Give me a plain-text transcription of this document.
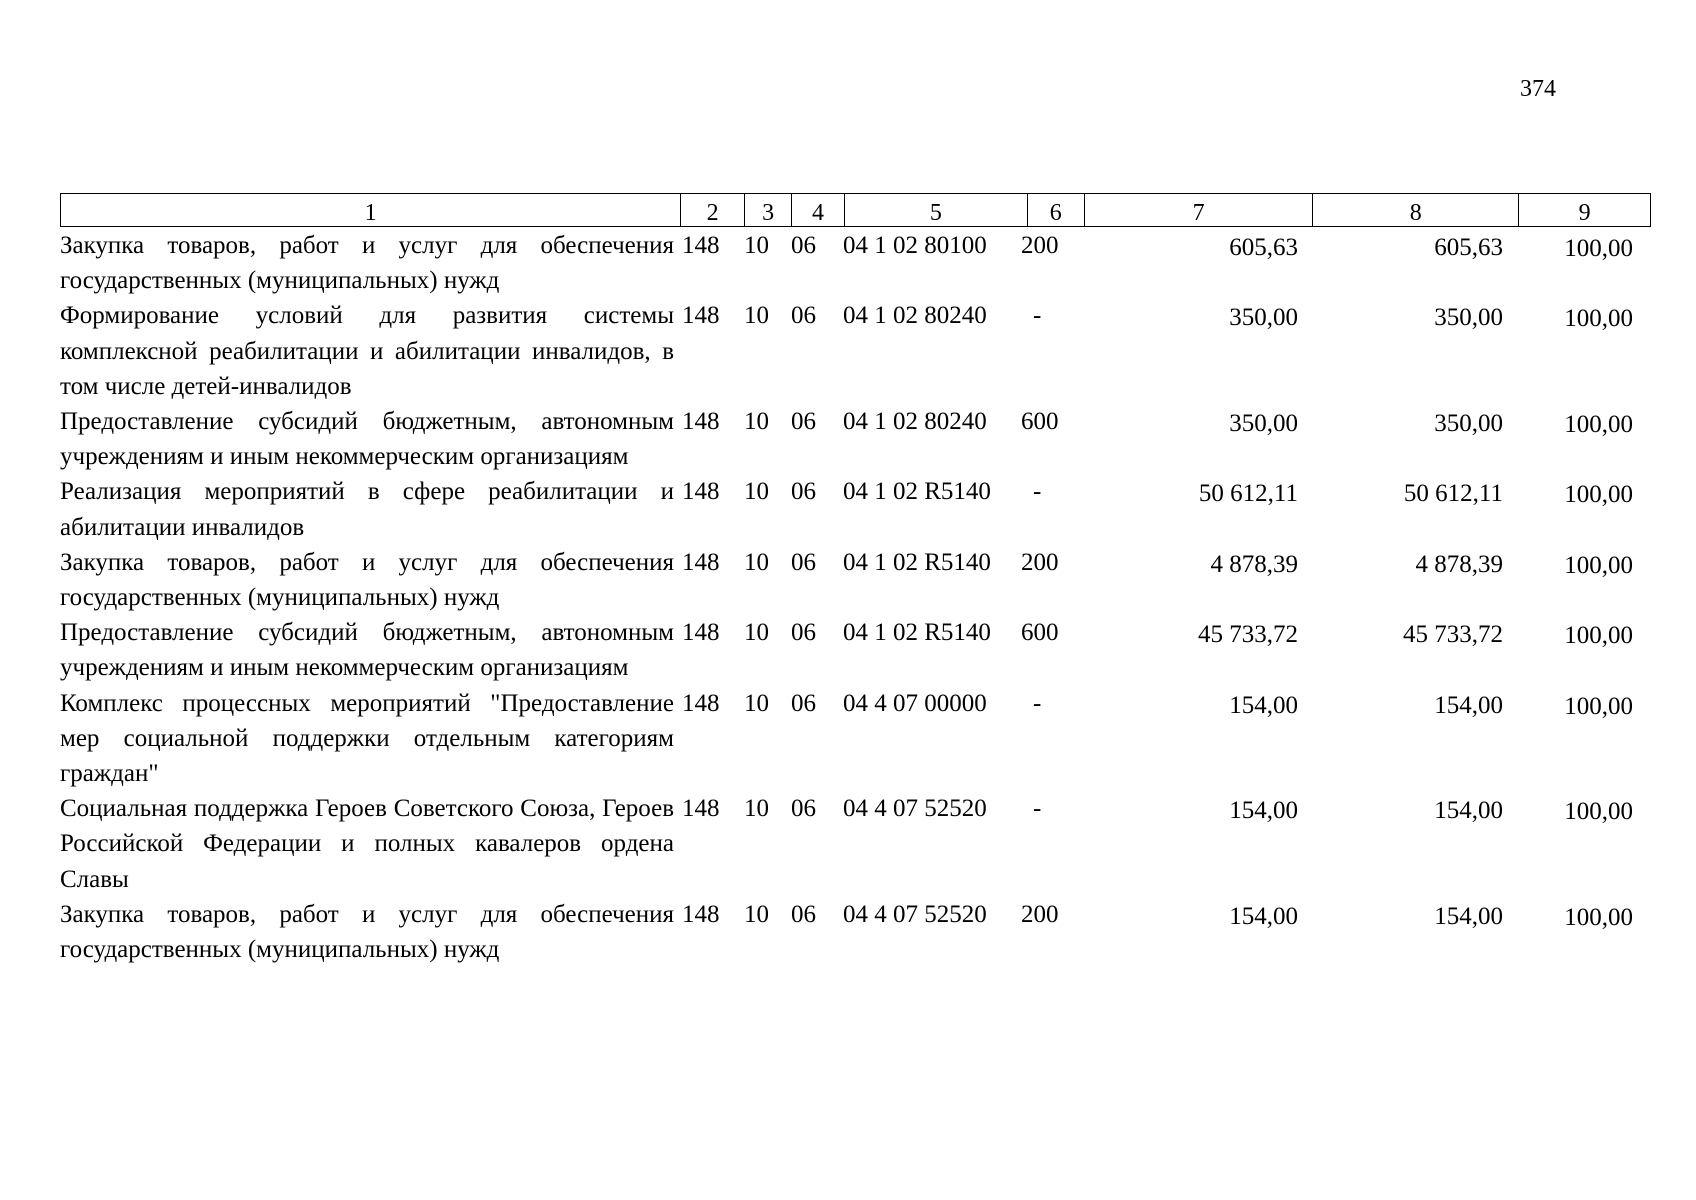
374
1	2	3	4	5	6	7	8	9
Закупка товаров, работ и услуг для обеспечения государственных (муниципальных) нужд
148 10 06	04 1 02 80100	200	605,63	605,63	100,00
Формирование условий для развития системы комплексной реабилитации и абилитации инвалидов, в том числе детей-инвалидов
148 10 06	04 1 02 80240	-	350,00	350,00	100,00
Предоставление субсидий бюджетным, автономным учреждениям и иным некоммерческим организациям
148 10 06	04 1 02 80240	600	350,00	350,00	100,00
Реализация мероприятий в сфере реабилитации и абилитации инвалидов
148 10 06	04 1 02 R5140	-	50 612,11	50 612,11	100,00
Закупка товаров, работ и услуг для обеспечения государственных (муниципальных) нужд
148 10 06	04 1 02 R5140	200	4 878,39	4 878,39	100,00
Предоставление субсидий бюджетным, автономным учреждениям и иным некоммерческим организациям
148 10 06	04 1 02 R5140	600	45 733,72	45 733,72	100,00
Комплекс процессных мероприятий "Предоставление мер социальной поддержки отдельным категориям граждан"
148 10 06	04 4 07 00000	-	154,00	154,00	100,00
Социальная поддержка Героев Советского Союза, Героев Российской Федерации и полных кавалеров ордена Славы
148 10 06	04 4 07 52520	-	154,00	154,00	100,00
Закупка товаров, работ и услуг для обеспечения государственных (муниципальных) нужд
148 10 06	04 4 07 52520	200	154,00	154,00	100,00
